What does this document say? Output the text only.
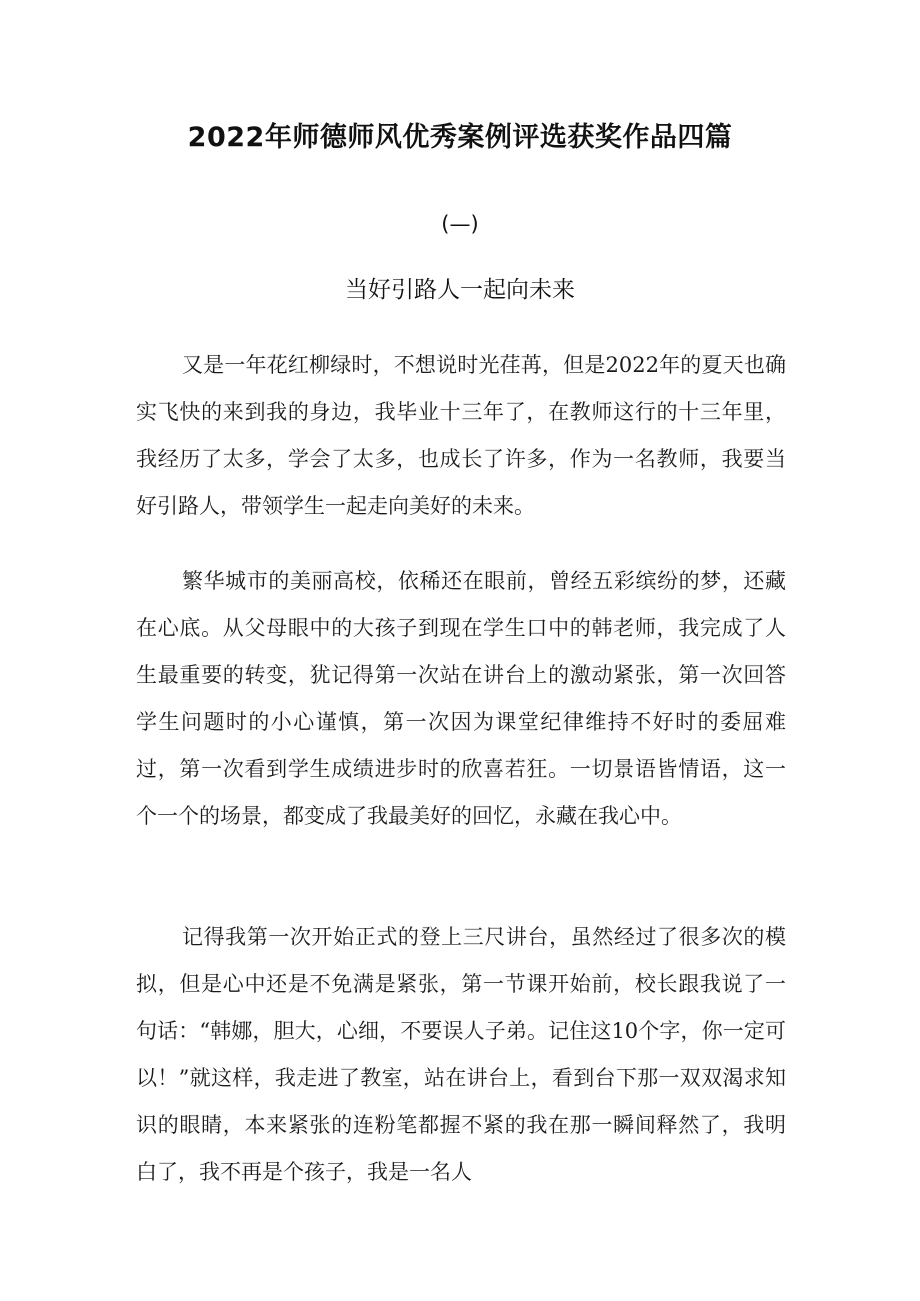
2022年师德师风优秀案例评选获奖作品四篇
(—)
当好引路人一起向未来

又是一年花红柳绿时，不想说时光荏苒，但是2022年的夏天也确实飞快的来到我的身边，我毕业十三年了，在教师这行的十三年里，我经历了太多，学会了太多，也成长了许多，作为一名教师，我要当好引路人，带领学生一起走向美好的未来。

繁华城市的美丽高校，依稀还在眼前，曾经五彩缤纷的梦，还藏在心底。从父母眼中的大孩子到现在学生口中的韩老师，我完成了人生最重要的转变，犹记得第一次站在讲台上的激动紧张，第一次回答学生问题时的小心谨慎，第一次因为课堂纪律维持不好时的委屈难过，第一次看到学生成绩进步时的欣喜若狂。一切景语皆情语，这一个一个的场景，都变成了我最美好的回忆，永藏在我心中。

记得我第一次开始正式的登上三尺讲台，虽然经过了很多次的模拟，但是心中还是不免满是紧张，第一节课开始前，校长跟我说了一句话：“韩娜，胆大，心细，不要误人子弟。记住这10个字，你一定可以！”就这样，我走进了教室，站在讲台上，看到台下那一双双渴求知识的眼睛，本来紧张的连粉笔都握不紧的我在那一瞬间释然了，我明白了，我不再是个孩子，我是一名人
